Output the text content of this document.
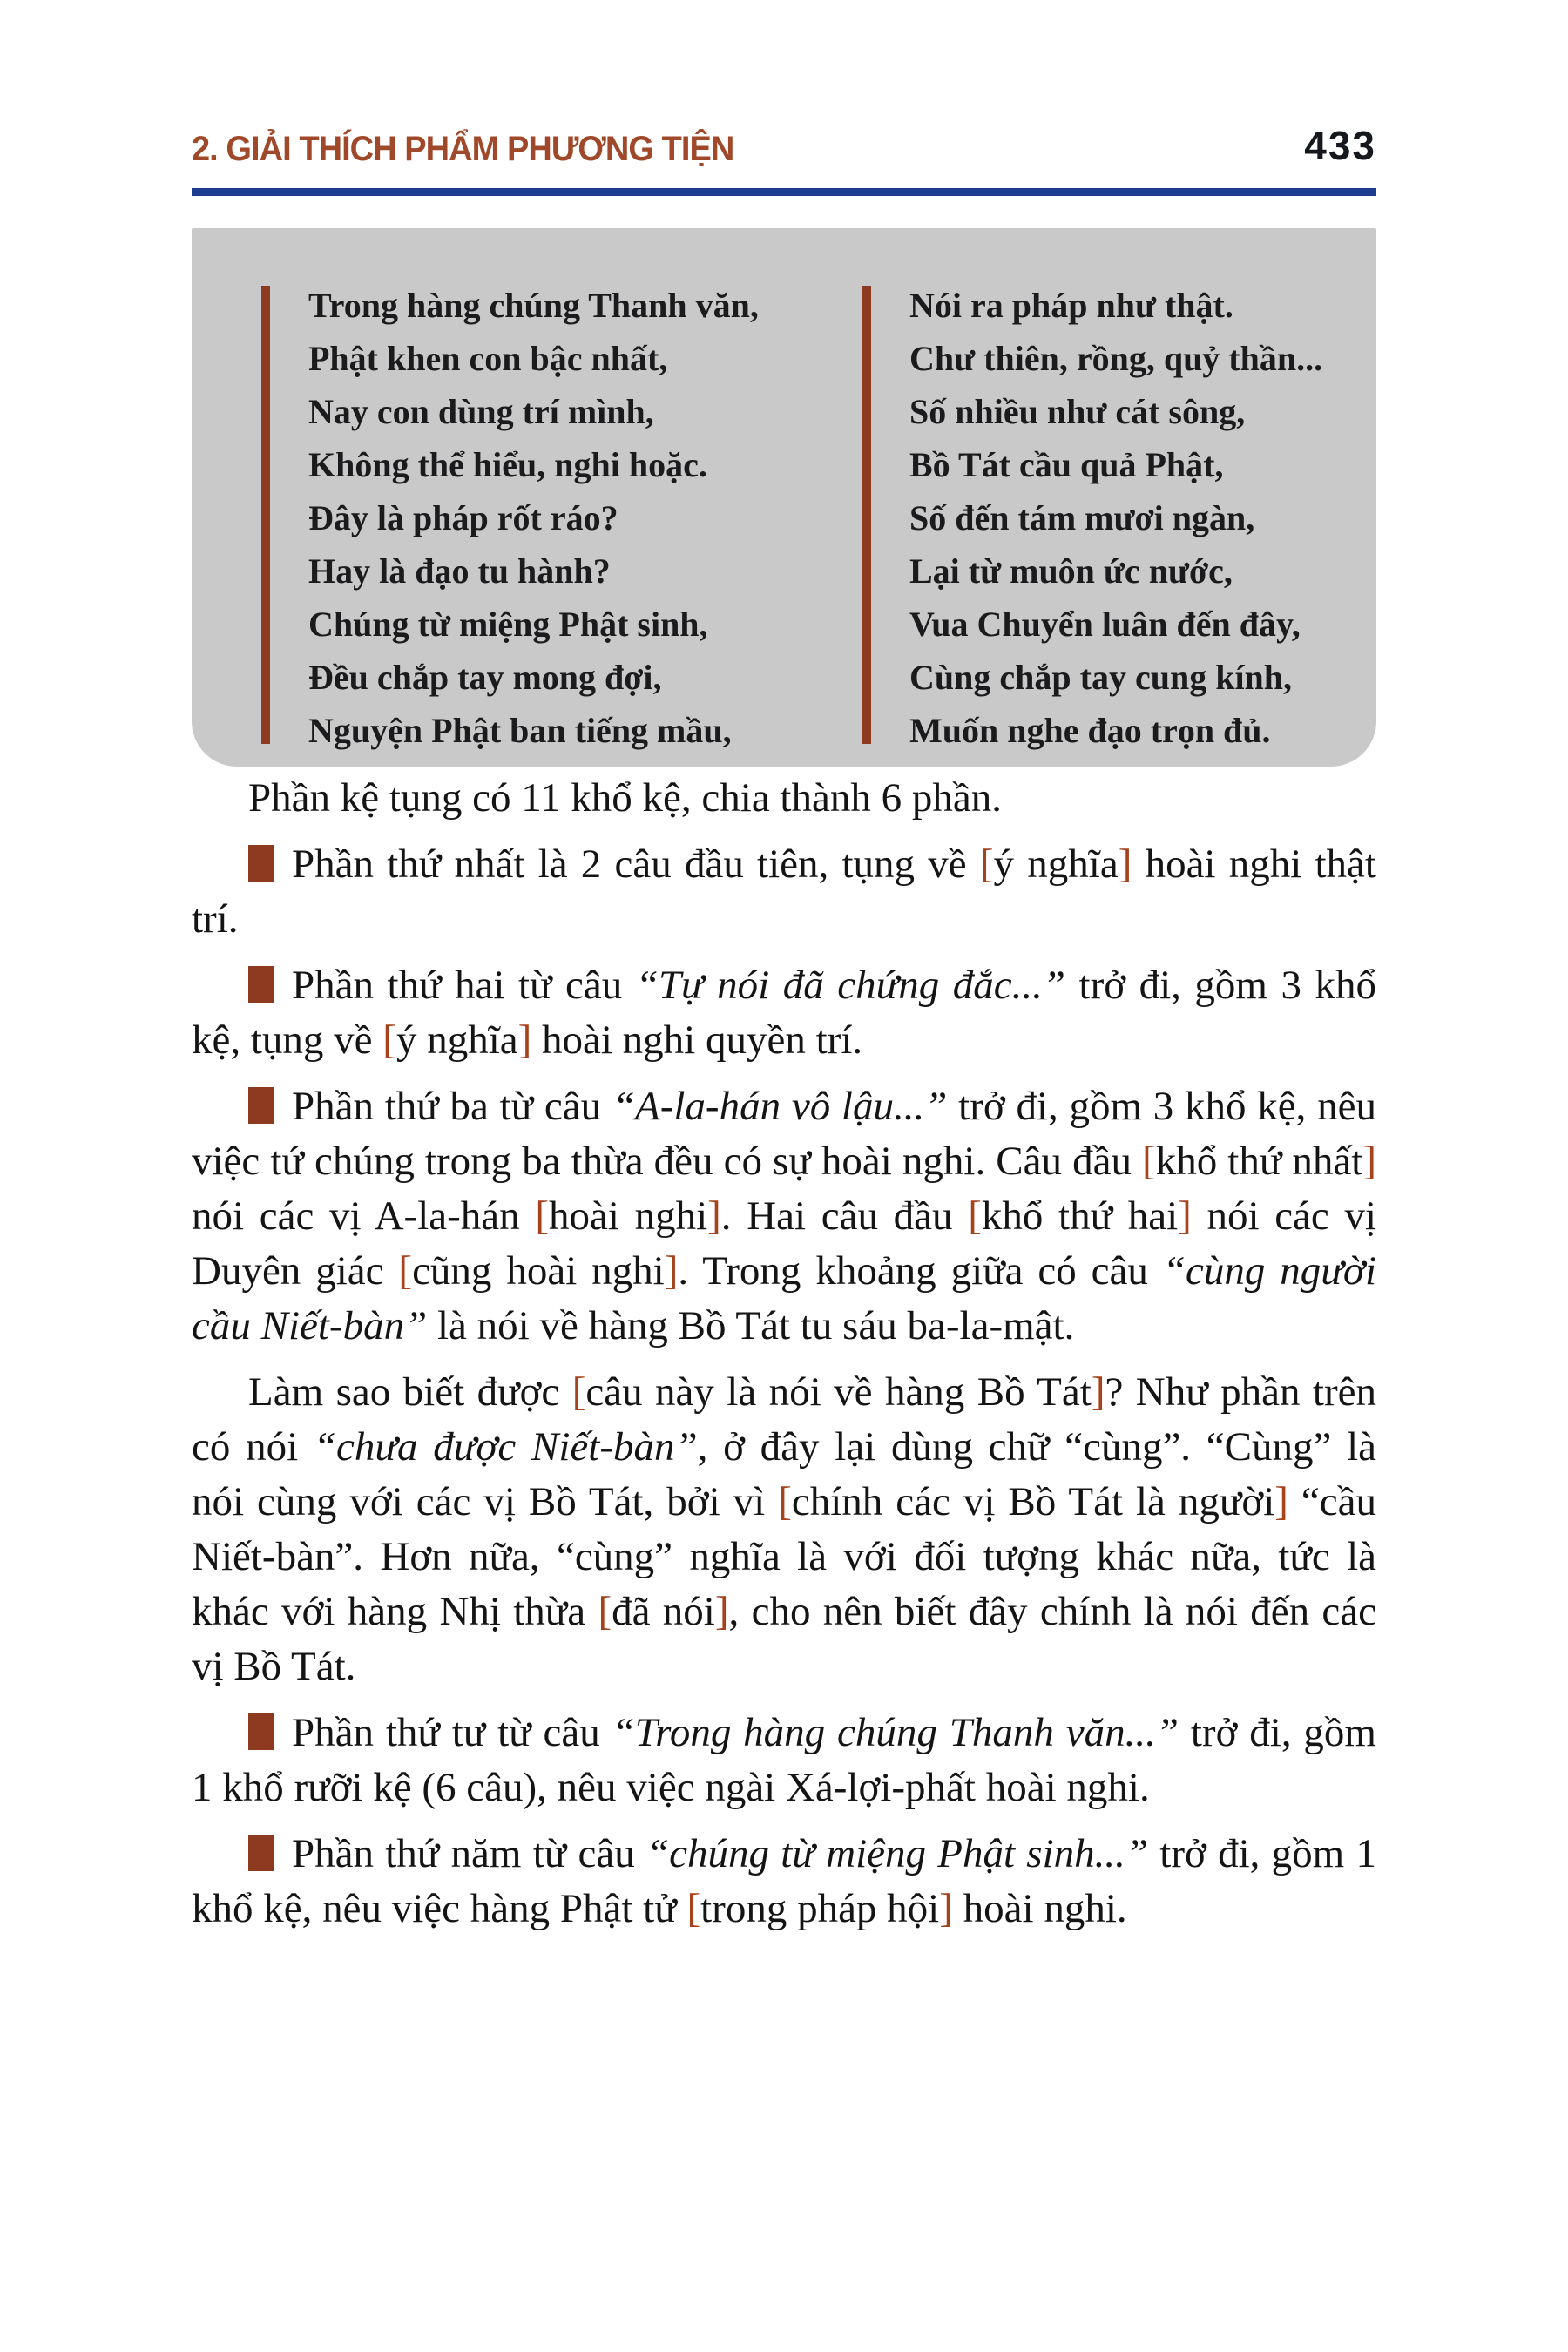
2. GIẢI THÍCH PHẨM PHƯƠNG TIỆN	433
Trong hàng chúng Thanh văn,
Phật khen con bậc nhất,
Nay con dùng trí mình,
Không thể hiểu, nghi hoặc.
Đây là pháp rốt ráo?
Hay là đạo tu hành?
Chúng từ miệng Phật sinh,
Đều chắp tay mong đợi,
Nguyện Phật ban tiếng mầu,
Nói ra pháp như thật.
Chư thiên, rồng, quỷ thần...
Số nhiều như cát sông,
Bồ Tát cầu quả Phật,
Số đến tám mươi ngàn,
Lại từ muôn ức nước,
Vua Chuyển luân đến đây,
Cùng chắp tay cung kính,
Muốn nghe đạo trọn đủ.

Phần kệ tụng có 11 khổ kệ, chia thành 6 phần.

Phần thứ nhất là 2 câu đầu tiên, tụng về [ý nghĩa] hoài nghi thật trí.

Phần thứ hai từ câu “Tự nói đã chứng đắc...” trở đi, gồm 3 khổ kệ, tụng về [ý nghĩa] hoài nghi quyền trí.

Phần thứ ba từ câu “A-la-hán vô lậu...” trở đi, gồm 3 khổ kệ, nêu việc tứ chúng trong ba thừa đều có sự hoài nghi. Câu đầu [khổ thứ nhất] nói các vị A-la-hán [hoài nghi]. Hai câu đầu [khổ thứ hai] nói các vị Duyên giác [cũng hoài nghi]. Trong khoảng giữa có câu “cùng người cầu Niết-bàn” là nói về hàng Bồ Tát tu sáu ba-la-mật.

Làm sao biết được [câu này là nói về hàng Bồ Tát]? Như phần trên có nói “chưa được Niết-bàn”, ở đây lại dùng chữ “cùng”. “Cùng” là nói cùng với các vị Bồ Tát, bởi vì [chính các vị Bồ Tát là người] “cầu Niết-bàn”. Hơn nữa, “cùng” nghĩa là với đối tượng khác nữa, tức là khác với hàng Nhị thừa [đã nói], cho nên biết đây chính là nói đến các vị Bồ Tát.

Phần thứ tư từ câu “Trong hàng chúng Thanh văn...” trở đi, gồm 1 khổ rưỡi kệ (6 câu), nêu việc ngài Xá-lợi-phất hoài nghi.

Phần thứ năm từ câu “chúng từ miệng Phật sinh...” trở đi, gồm 1 khổ kệ, nêu việc hàng Phật tử [trong pháp hội] hoài nghi.
